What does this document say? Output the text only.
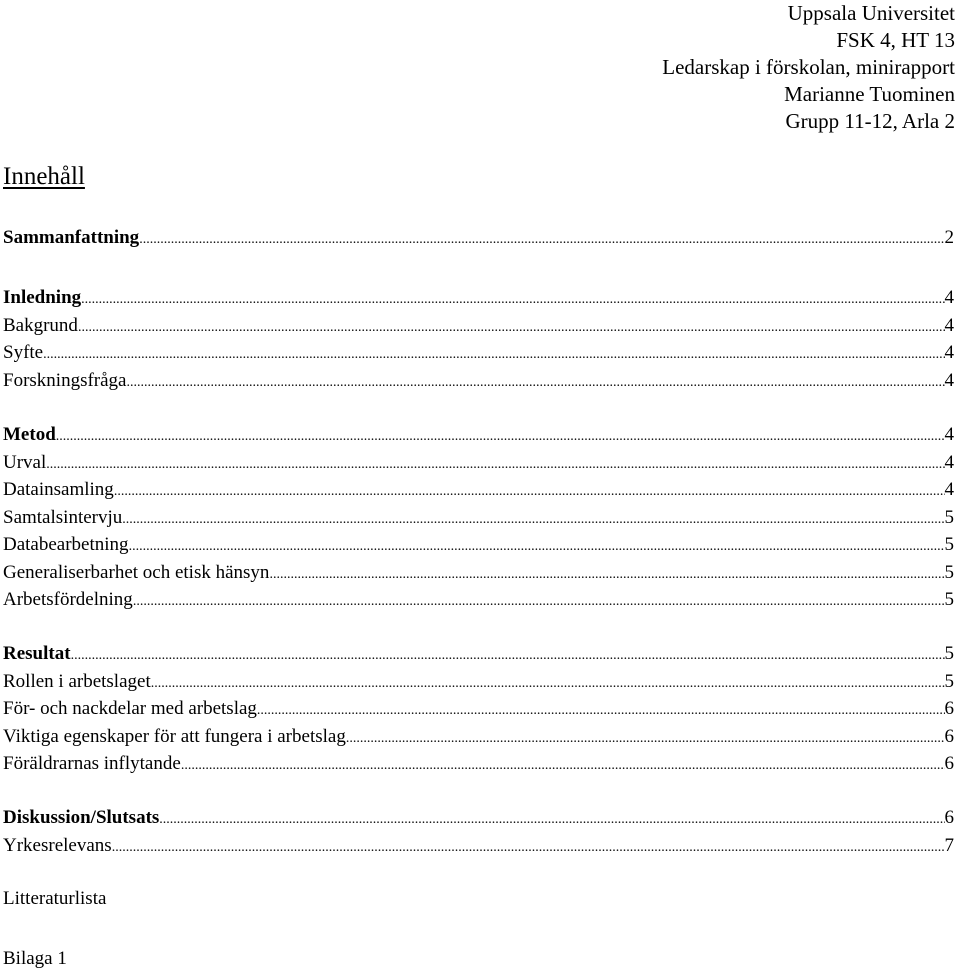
Uppsala Universitet
FSK 4, HT 13
Ledarskap i förskolan, minirapport
Marianne Tuominen
Grupp 11-12, Arla 2
Innehåll
Sammanfattning .....	2
Inledning .....	4
Bakgrund .....	4
Syfte .....	4
Forskningsfråga .....	4
Metod .....	4
Urval .....	4
Datainsamling .....	4
Samtalsintervju .....	5
Databearbetning .....	5
Generaliserbarhet och etisk hänsyn .....	5
Arbetsfördelning .....	5
Resultat .....	5
Rollen i arbetslaget .....	5
För- och nackdelar med arbetslag .....	6
Viktiga egenskaper för att fungera i arbetslag .....	6
Föräldrarnas inflytande .....	6
Diskussion/Slutsats .....	6
Yrkesrelevans .....	7
Litteraturlista
Bilaga 1
